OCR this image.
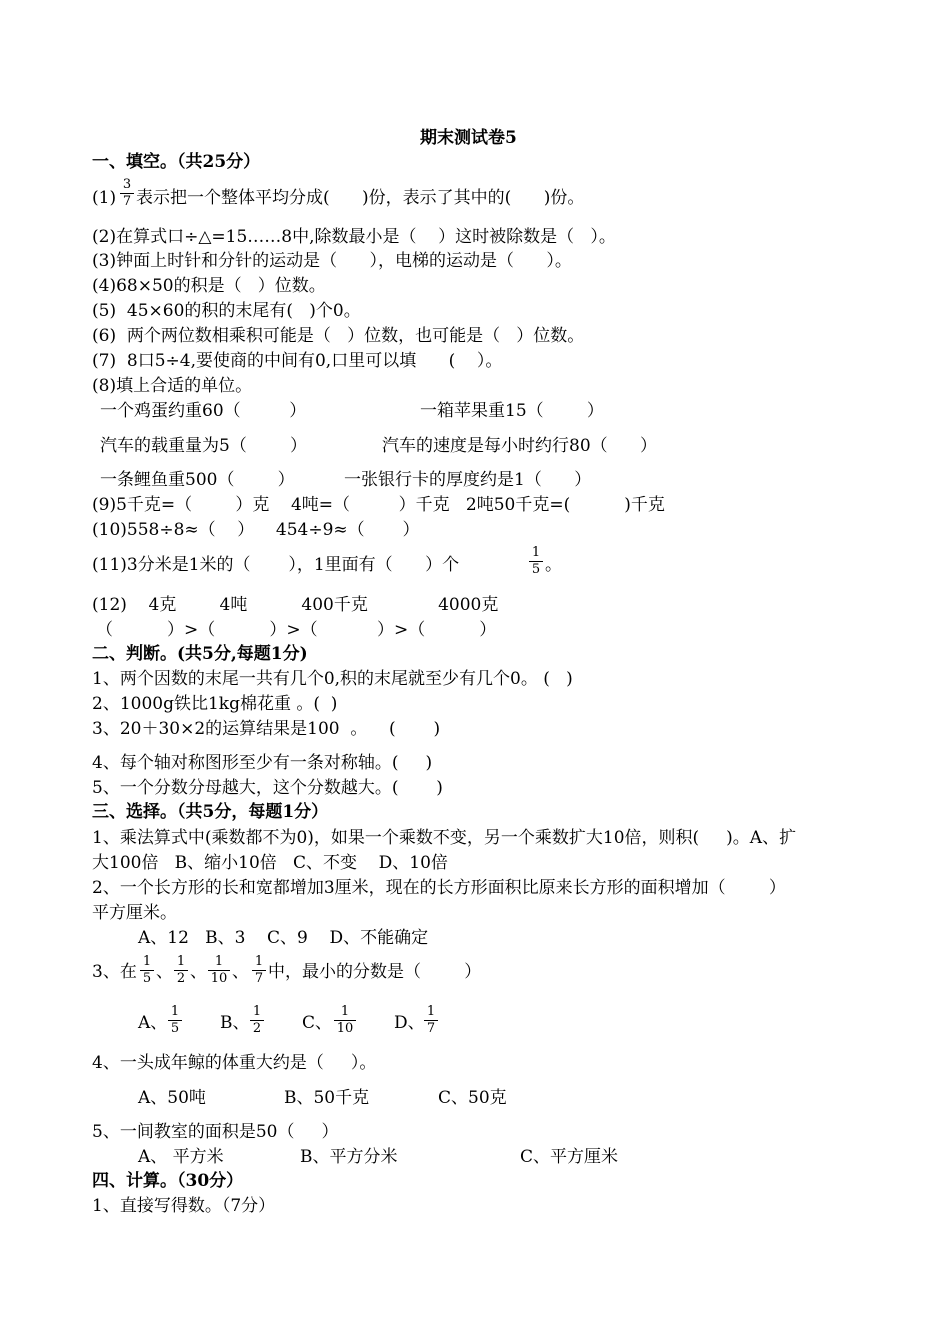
期末测试卷5
一、填空。（共25分）
(1)
3
7 表示把一个整体平均分成(      )份，表示了其中的(      )份。
(2)在算式口÷△=15……8中,除数最小是（    ）这时被除数是（   ）。
(3)钟面上时针和分针的运动是（      ），电梯的运动是（      ）。
(4)68×50的积是（   ）位数。
(5)  45×60的积的末尾有(   )个0。
(6)  两个两位数相乘积可能是（   ）位数，也可能是（   ）位数。
(7)  8口5÷4,要使商的中间有0,口里可以填      (    ）。
(8)填上合适的单位。
一个鸡蛋约重60（         ）	一箱苹果重15（        ）
汽车的载重量为5（        ）	汽车的速度是每小时约行80（      ）
一条鲤鱼重500（        ）	一张银行卡的厚度约是1（      ）
(9)5千克=（        ）克    4吨=（         ）千克   2吨50千克=(          )千克
(10)558÷8≈（    ）    454÷9≈（       ）
(11)3分米是1米的（       ），1里面有（      ）个
1
5 。
(12)    4克        4吨          400千克             4000克
（          ）>（          ）>（           ）>（          ）
二、判断。(共5分,每题1分)
1、两个因数的末尾一共有几个0,积的末尾就至少有几个0。 (   )
2、1000g铁比1kg棉花重 。(  )
3、20＋30×2的运算结果是100  。    (       )
4、每个轴对称图形至少有一条对称轴。(     )
5、一个分数分母越大，这个分数越大。(       )
三、选择。（共5分，每题1分）
1、乘法算式中(乘数都不为0)，如果一个乘数不变，另一个乘数扩大10倍，则积(     )。A、扩
大100倍   B、缩小10倍   C、不变    D、10倍
2、一个长方形的长和宽都增加3厘米，现在的长方形面积比原来长方形的面积增加（        ）
平方厘米。
A、12   B、3    C、9    D、不能确定
3、在
1
5 、
1
2 、
1
10 、
1
7 中，最小的分数是（        ）
A、
1
5 B、
1
2 C、
1
10 D、
1
7
4、一头成年鲸的体重大约是（     ）。
A、50吨	B、50千克	C、50克
5、一间教室的面积是50（     ）
A、 平方米	B、平方分米	C、平方厘米
四、计算。（30分）
1、直接写得数。（7分）
